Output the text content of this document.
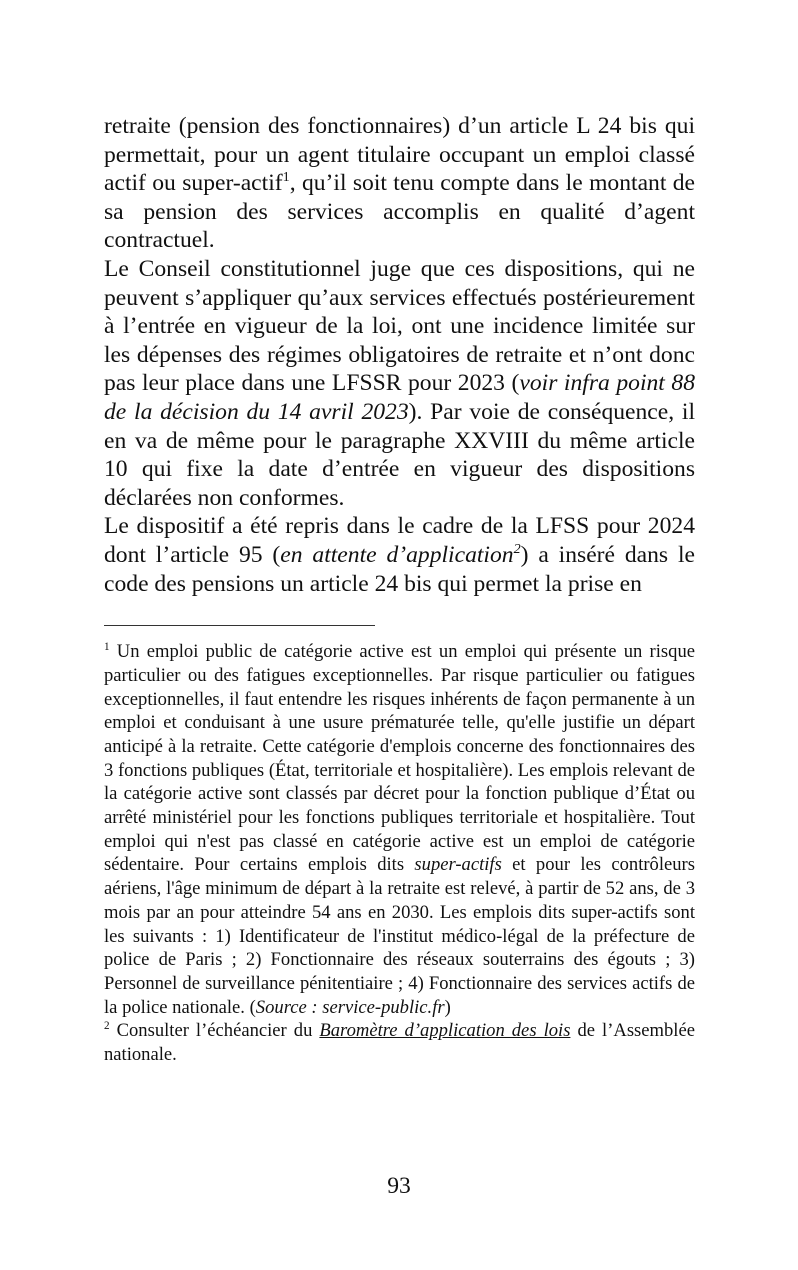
retraite (pension des fonctionnaires) d’un article L 24 bis qui permettait, pour un agent titulaire occupant un emploi classé actif ou super-actif$^1$, qu’il soit tenu compte dans le montant de sa pension des services accomplis en qualité d’agent contractuel.

Le Conseil constitutionnel juge que ces dispositions, qui ne peuvent s’appliquer qu’aux services effectués postérieurement à l’entrée en vigueur de la loi, ont une incidence limitée sur les dépenses des régimes obligatoires de retraite et n’ont donc pas leur place dans une LFSSR pour 2023 (voir infra point 88 de la décision du 14 avril 2023). Par voie de conséquence, il en va de même pour le paragraphe XXVIII du même article 10 qui fixe la date d’entrée en vigueur des dispositions déclarées non conformes.

Le dispositif a été repris dans le cadre de la LFSS pour 2024 dont l’article 95 (en attente d’application$^2$) a inséré dans le code des pensions un article 24 bis qui permet la prise en

$^1$ Un emploi public de catégorie active est un emploi qui présente un risque particulier ou des fatigues exceptionnelles. Par risque particulier ou fatigues exceptionnelles, il faut entendre les risques inhérents de façon permanente à un emploi et conduisant à une usure prématurée telle, qu'elle justifie un départ anticipé à la retraite. Cette catégorie d'emplois concerne des fonctionnaires des 3 fonctions publiques (État, territoriale et hospitalière). Les emplois relevant de la catégorie active sont classés par décret pour la fonction publique d’État ou arrêté ministériel pour les fonctions publiques territoriale et hospitalière. Tout emploi qui n'est pas classé en catégorie active est un emploi de catégorie sédentaire. Pour certains emplois dits super-actifs et pour les contrôleurs aériens, l'âge minimum de départ à la retraite est relevé, à partir de 52 ans, de 3 mois par an pour atteindre 54 ans en 2030. Les emplois dits super-actifs sont les suivants : 1) Identificateur de l'institut médico-légal de la préfecture de police de Paris ; 2) Fonctionnaire des réseaux souterrains des égouts ; 3) Personnel de surveillance pénitentiaire ; 4) Fonctionnaire des services actifs de la police nationale. (Source : service-public.fr)

$^2$ Consulter l’échéancier du Baromètre d’application des lois de l’Assemblée nationale.

93
